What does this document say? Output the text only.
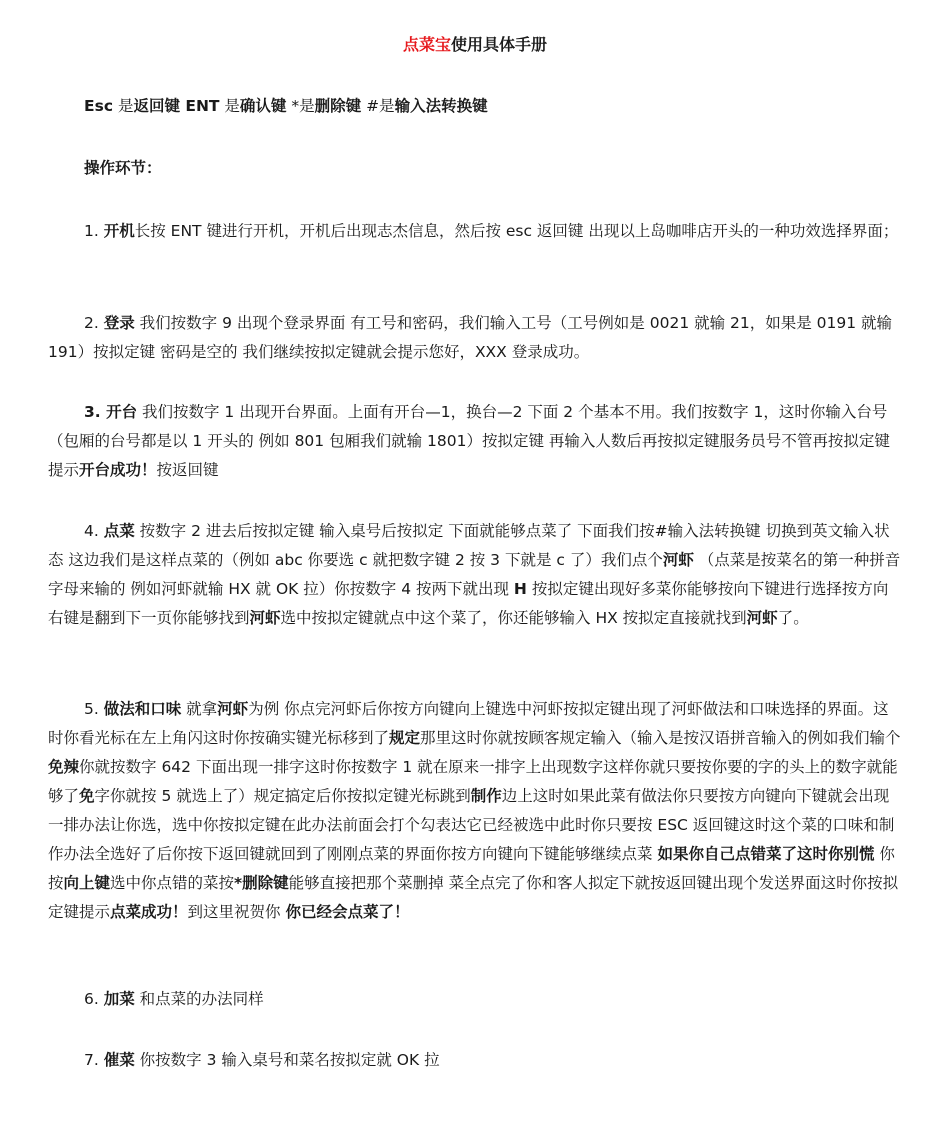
点菜宝使用具体手册
Esc 是返回键 ENT 是确认键 *是删除键 #是输入法转换键
操作环节：
1. 开机长按 ENT 键进行开机，开机后出现志杰信息，然后按 esc 返回键 出现以上岛咖啡店开头的一种功效选择界面；
2. 登录 我们按数字 9 出现个登录界面 有工号和密码，我们输入工号（工号例如是 0021 就输 21，如果是 0191 就输 191）按拟定键 密码是空的 我们继续按拟定键就会提示您好，XXX 登录成功。
3. 开台 我们按数字 1 出现开台界面。上面有开台—1，换台—2 下面 2 个基本不用。我们按数字 1，这时你输入台号（包厢的台号都是以 1 开头的 例如 801 包厢我们就输 1801）按拟定键 再输入人数后再按拟定键服务员号不管再按拟定键提示开台成功！按返回键
4. 点菜 按数字 2 进去后按拟定键 输入桌号后按拟定 下面就能够点菜了 下面我们按#输入法转换键 切换到英文输入状态 这边我们是这样点菜的（例如 abc 你要选 c 就把数字键 2 按 3 下就是 c 了）我们点个河虾 （点菜是按菜名的第一种拼音字母来输的 例如河虾就输 HX 就 OK 拉）你按数字 4 按两下就出现 H 按拟定键出现好多菜你能够按向下键进行选择按方向右键是翻到下一页你能够找到河虾选中按拟定键就点中这个菜了，你还能够输入 HX 按拟定直接就找到河虾了。
5. 做法和口味 就拿河虾为例 你点完河虾后你按方向键向上键选中河虾按拟定键出现了河虾做法和口味选择的界面。这时你看光标在左上角闪这时你按确实键光标移到了规定那里这时你就按顾客规定输入（输入是按汉语拼音输入的例如我们输个免辣你就按数字 642 下面出现一排字这时你按数字 1 就在原来一排字上出现数字这样你就只要按你要的字的头上的数字就能够了免字你就按 5 就选上了）规定搞定后你按拟定键光标跳到制作边上这时如果此菜有做法你只要按方向键向下键就会出现一排办法让你选，选中你按拟定键在此办法前面会打个勾表达它已经被选中此时你只要按 ESC 返回键这时这个菜的口味和制作办法全选好了后你按下返回键就回到了刚刚点菜的界面你按方向键向下键能够继续点菜 如果你自己点错菜了这时你别慌 你按向上键选中你点错的菜按*删除键能够直接把那个菜删掉 菜全点完了你和客人拟定下就按返回键出现个发送界面这时你按拟定键提示点菜成功！到这里祝贺你 你已经会点菜了！
6. 加菜 和点菜的办法同样
7. 催菜 你按数字 3 输入桌号和菜名按拟定就 OK 拉
